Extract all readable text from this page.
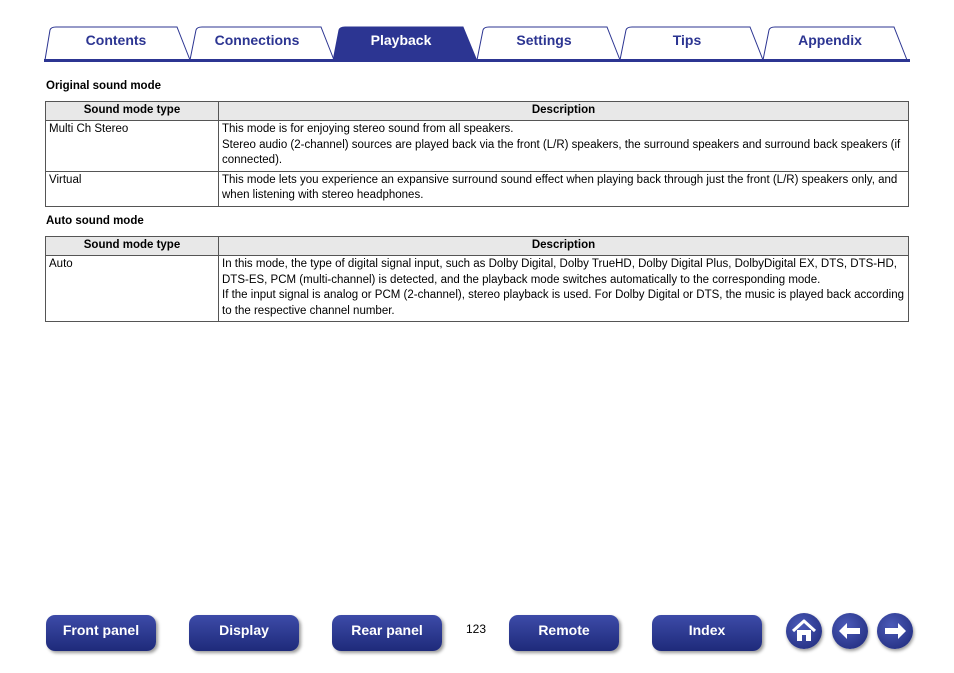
Contents	Connections	Playback	Settings	Tips	Appendix
Original sound mode
Sound mode type	Description
Multi Ch Stereo	This mode is for enjoying stereo sound from all speakers.
Stereo audio (2-channel) sources are played back via the front (L/R) speakers, the surround speakers and surround back speakers (if connected).

Virtual	This mode lets you experience an expansive surround sound effect when playing back through just the front (L/R) speakers only, and when listening with stereo headphones.
Auto sound mode
Sound mode type	Description
Auto	In this mode, the type of digital signal input, such as Dolby Digital, Dolby TrueHD, Dolby Digital Plus, DolbyDigital EX, DTS, DTS-HD, DTS-ES, PCM (multi-channel) is detected, and the playback mode switches automatically to the corresponding mode.
If the input signal is analog or PCM (2-channel), stereo playback is used. For Dolby Digital or DTS, the music is played back according to the respective channel number.
Front panel	Display	Rear panel	123	Remote	Index
